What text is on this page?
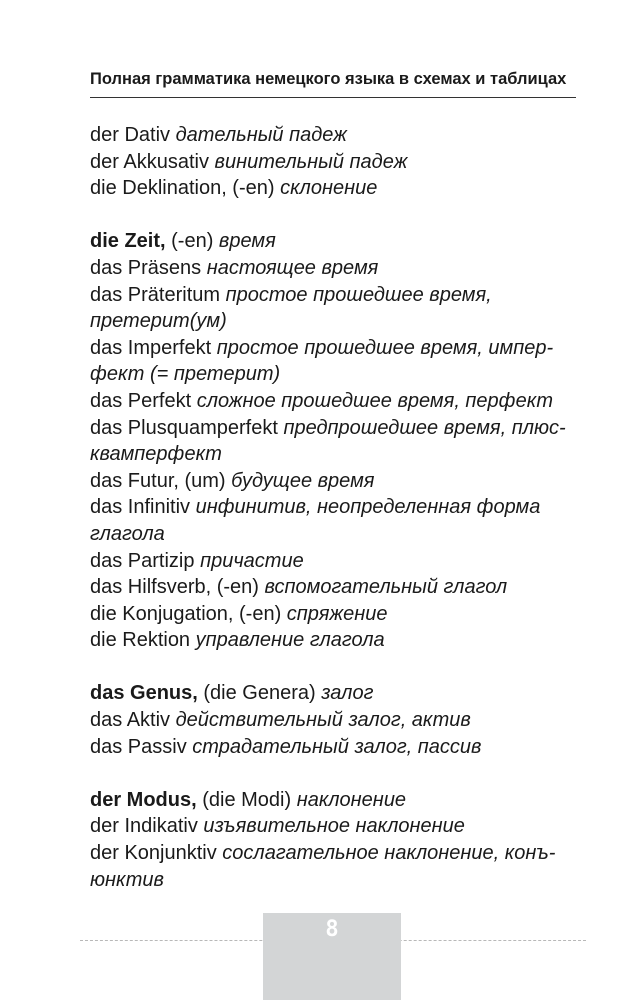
Полная грамматика немецкого языка в схемах и таблицах
der Dativ дательный падеж
der Akkusativ винительный падеж
die Deklination, (-en) склонение
die Zeit, (-en) время
das Präsens настоящее время
das Präteritum простое прошедшее время,
претерит(ум)
das Imperfekt простое прошедшее время, импер-
фект (= претерит)
das Perfekt сложное прошедшее время, перфект
das Plusquamperfekt предпрошедшее время, плюс-
квамперфект
das Futur, (um) будущее время
das Infinitiv инфинитив, неопределенная форма
глагола
das Partizip причастие
das Hilfsverb, (-en) вспомогательный глагол
die Konjugation, (-en) спряжение
die Rektion управление глагола
das Genus, (die Genera) залог
das Aktiv действительный залог, актив
das Passiv страдательный залог, пассив
der Modus, (die Modi) наклонение
der Indikativ изъявительное наклонение
der Konjunktiv сослагательное наклонение, конъ-
юнктив
8
